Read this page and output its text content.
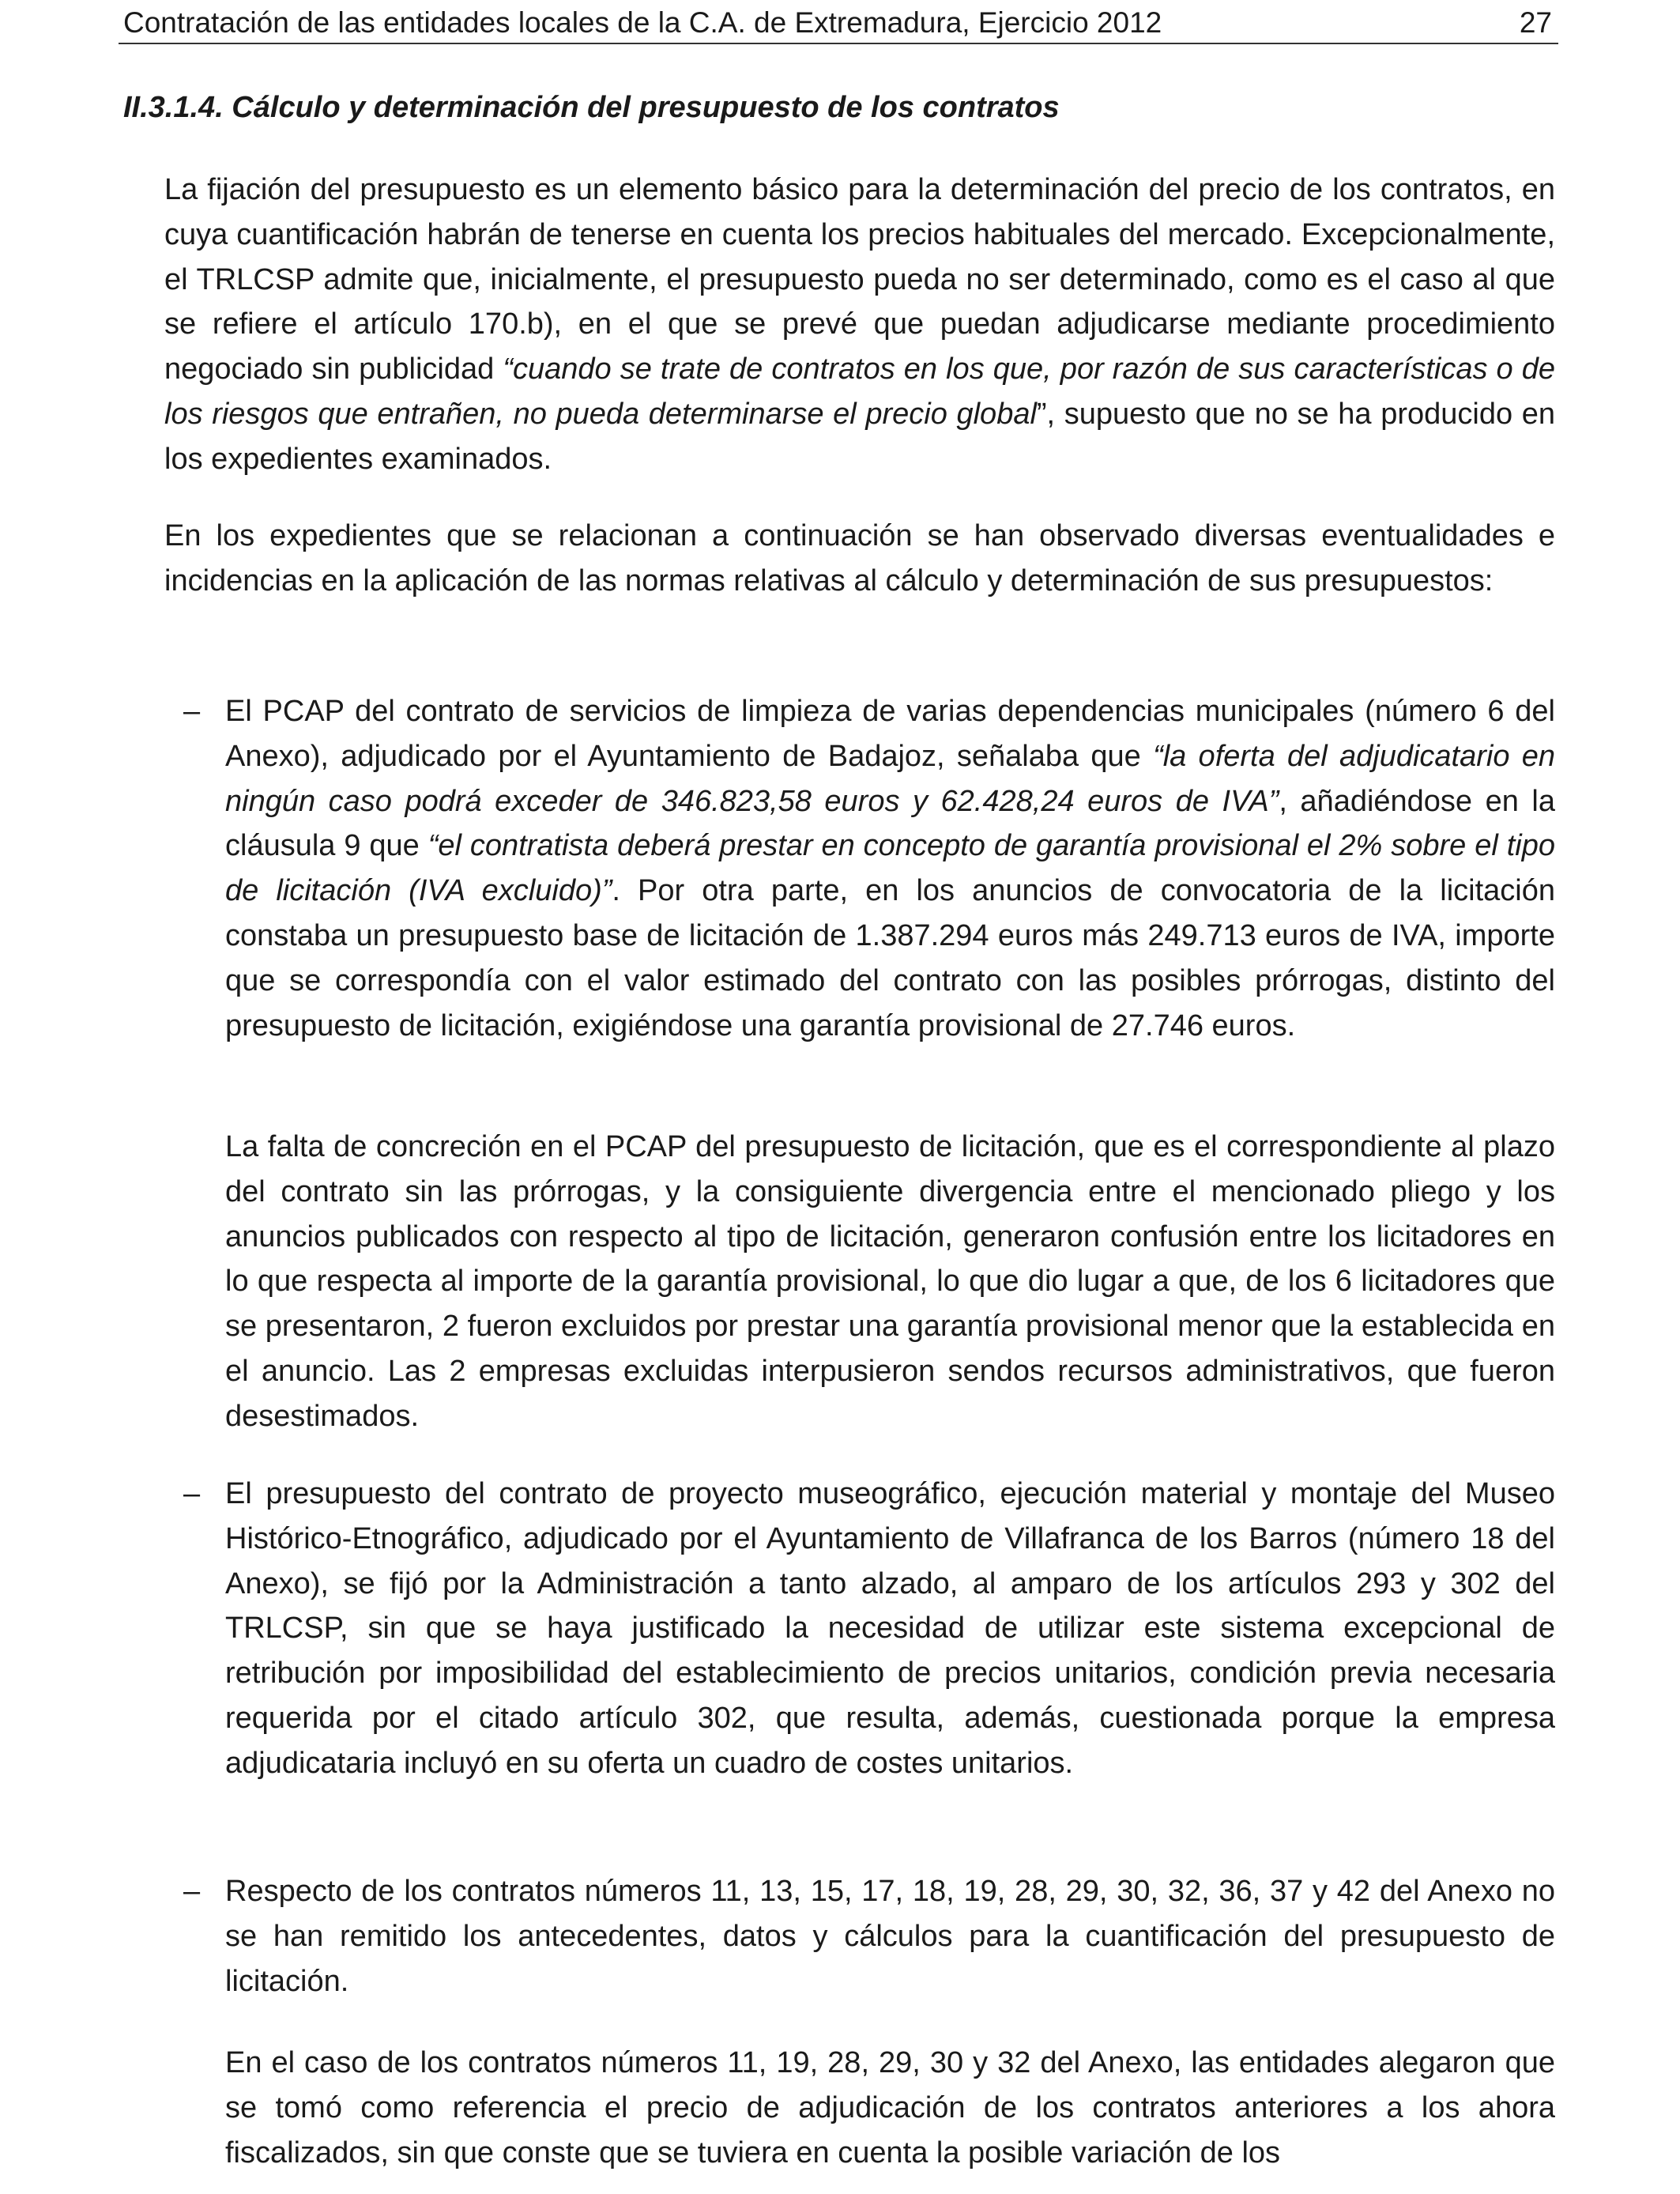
Contratación de las entidades locales de la C.A. de Extremadura, Ejercicio 2012	27
II.3.1.4. Cálculo y determinación del presupuesto de los contratos

La fijación del presupuesto es un elemento básico para la determinación del precio de los contratos, en cuya cuantificación habrán de tenerse en cuenta los precios habituales del mercado. Excepcionalmente, el TRLCSP admite que, inicialmente, el presupuesto pueda no ser determinado, como es el caso al que se refiere el artículo 170.b), en el que se prevé que puedan adjudicarse mediante procedimiento negociado sin publicidad “cuando se trate de contratos en los que, por razón de sus características o de los riesgos que entrañen, no pueda determinarse el precio global”, supuesto que no se ha producido en los expedientes examinados.

En los expedientes que se relacionan a continuación se han observado diversas eventualidades e incidencias en la aplicación de las normas relativas al cálculo y determinación de sus presupuestos:

– El PCAP del contrato de servicios de limpieza de varias dependencias municipales (número 6 del Anexo), adjudicado por el Ayuntamiento de Badajoz, señalaba que “la oferta del adjudicatario en ningún caso podrá exceder de 346.823,58 euros y 62.428,24 euros de IVA”, añadiéndose en la cláusula 9 que “el contratista deberá prestar en concepto de garantía provisional el 2% sobre el tipo de licitación (IVA excluido)”. Por otra parte, en los anuncios de convocatoria de la licitación constaba un presupuesto base de licitación de 1.387.294 euros más 249.713 euros de IVA, importe que se correspondía con el valor estimado del contrato con las posibles prórrogas, distinto del presupuesto de licitación, exigiéndose una garantía provisional de 27.746 euros.

La falta de concreción en el PCAP del presupuesto de licitación, que es el correspondiente al plazo del contrato sin las prórrogas, y la consiguiente divergencia entre el mencionado pliego y los anuncios publicados con respecto al tipo de licitación, generaron confusión entre los licitadores en lo que respecta al importe de la garantía provisional, lo que dio lugar a que, de los 6 licitadores que se presentaron, 2 fueron excluidos por prestar una garantía provisional menor que la establecida en el anuncio. Las 2 empresas excluidas interpusieron sendos recursos administrativos, que fueron desestimados.

– El presupuesto del contrato de proyecto museográfico, ejecución material y montaje del Museo Histórico-Etnográfico, adjudicado por el Ayuntamiento de Villafranca de los Barros (número 18 del Anexo), se fijó por la Administración a tanto alzado, al amparo de los artículos 293 y 302 del TRLCSP, sin que se haya justificado la necesidad de utilizar este sistema excepcional de retribución por imposibilidad del establecimiento de precios unitarios, condición previa necesaria requerida por el citado artículo 302, que resulta, además, cuestionada porque la empresa adjudicataria incluyó en su oferta un cuadro de costes unitarios.

– Respecto de los contratos números 11, 13, 15, 17, 18, 19, 28, 29, 30, 32, 36, 37 y 42 del Anexo no se han remitido los antecedentes, datos y cálculos para la cuantificación del presupuesto de licitación.

En el caso de los contratos números 11, 19, 28, 29, 30 y 32 del Anexo, las entidades alegaron que se tomó como referencia el precio de adjudicación de los contratos anteriores a los ahora fiscalizados, sin que conste que se tuviera en cuenta la posible variación de los
